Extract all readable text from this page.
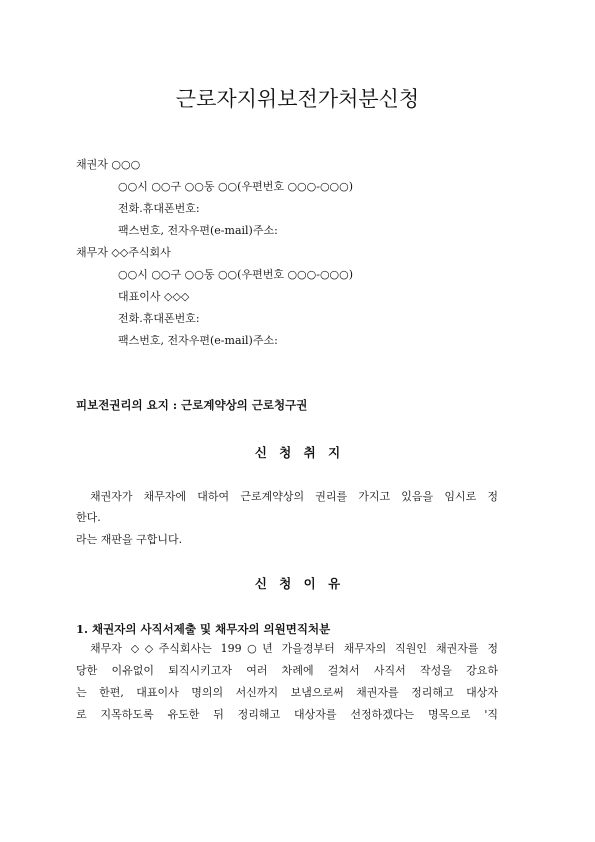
근로자지위보전가처분신청
채권자 ○○○
○○시 ○○구 ○○동 ○○(우편번호 ○○○-○○○)
전화.휴대폰번호:
팩스번호, 전자우편(e-mail)주소:
채무자 ◇◇주식회사
○○시 ○○구 ○○동 ○○(우편번호 ○○○-○○○)
대표이사 ◇◇◇
전화.휴대폰번호:
팩스번호, 전자우편(e-mail)주소:
피보전권리의 요지 : 근로계약상의 근로청구권
신 청 취 지
채권자가 채무자에 대하여 근로계약상의 권리를 가지고 있음을 임시로 정
한다.
라는 재판을 구합니다.
신 청 이 유
1. 채권자의 사직서제출 및 채무자의 의원면직처분
채무자 ◇◇주식회사는 199○년 가을경부터 채무자의 직원인 채권자를 정
당한 이유없이 퇴직시키고자 여러 차례에 걸쳐서 사직서 작성을 강요하
는 한편, 대표이사 명의의 서신까지 보냄으로써 채권자를 정리해고 대상자
로 지목하도록 유도한 뒤 정리해고 대상자를 선정하겠다는 명목으로 '직
